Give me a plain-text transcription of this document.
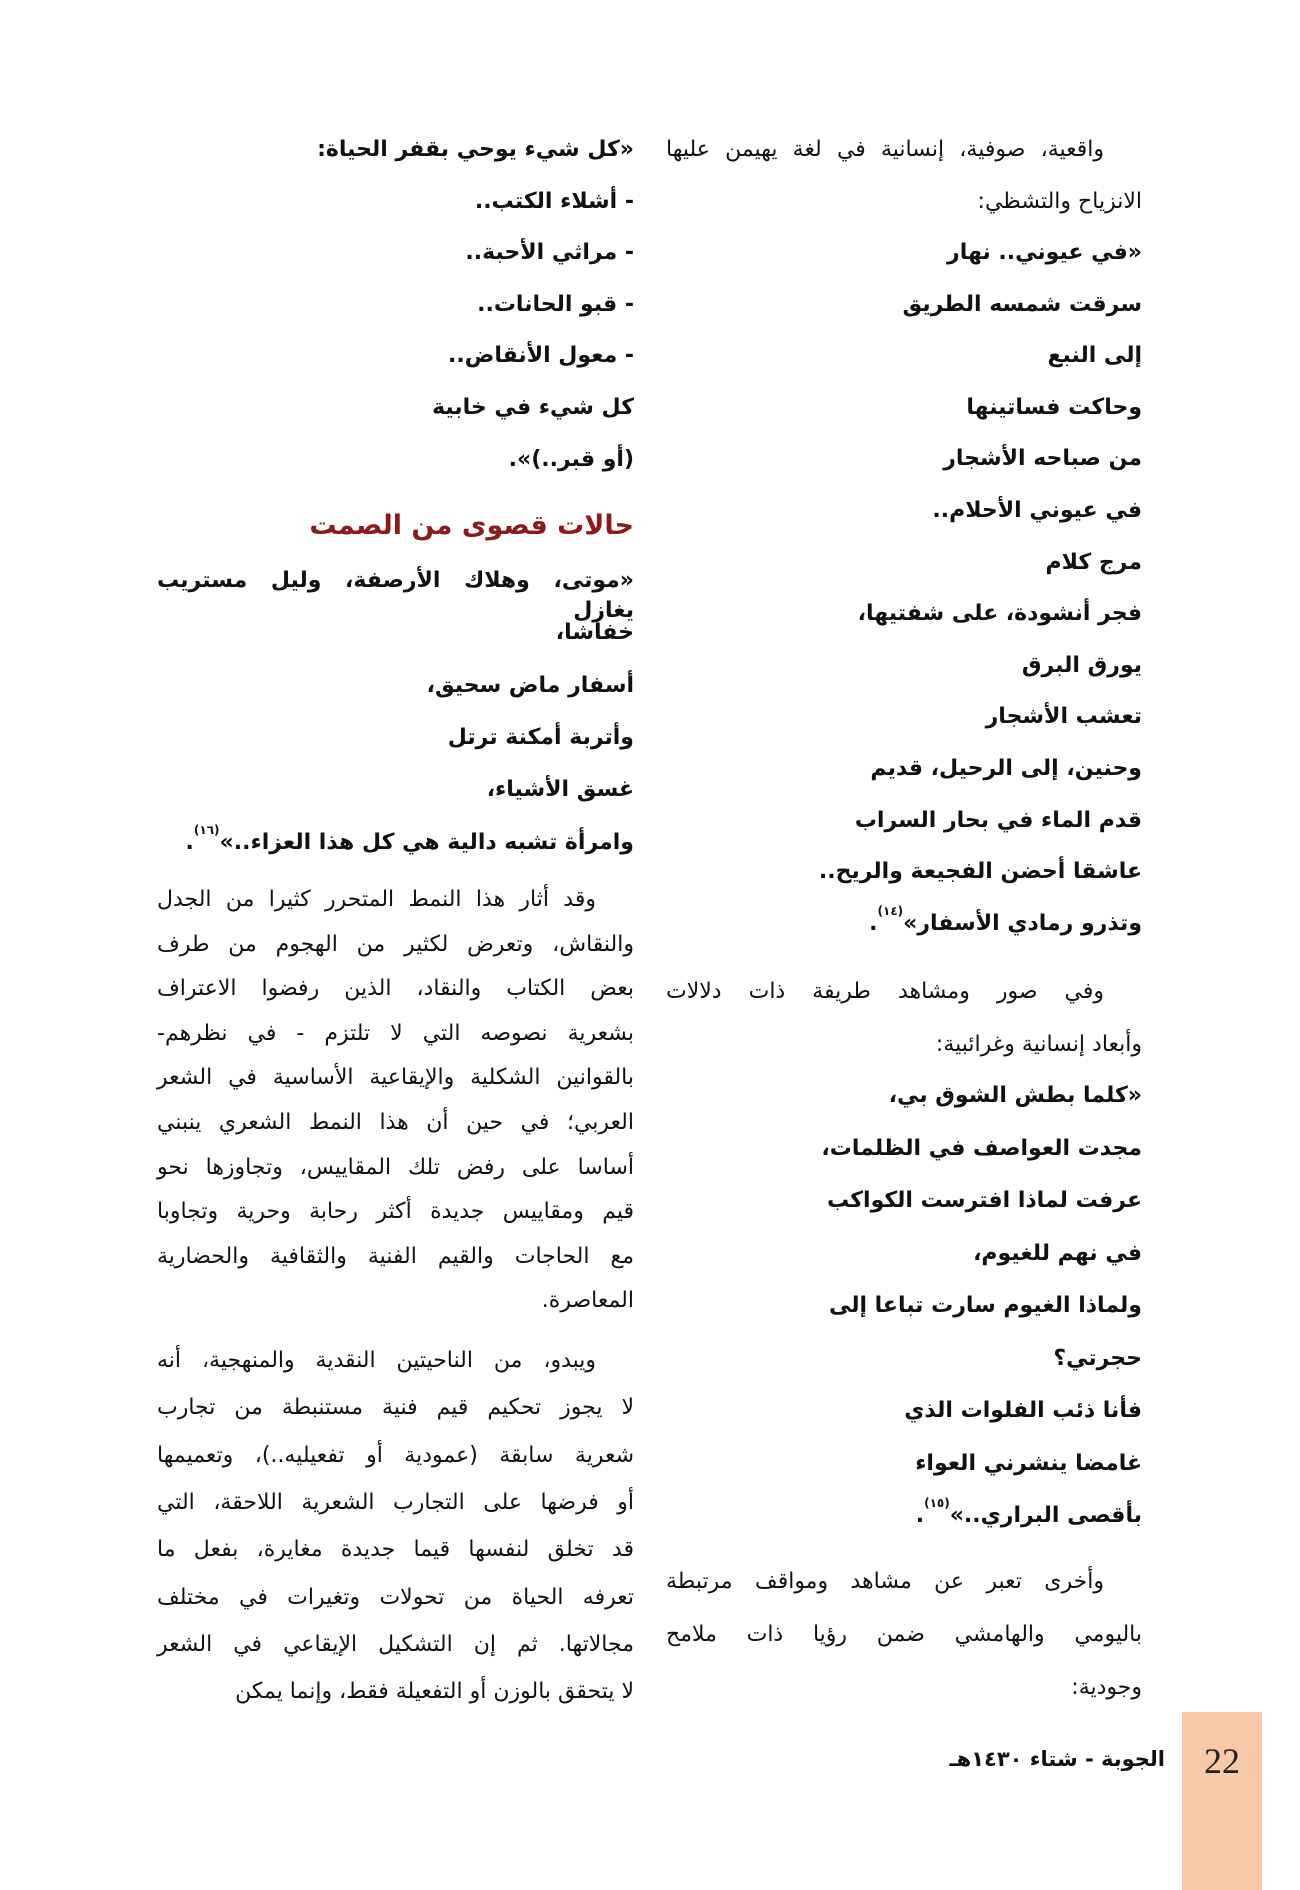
واقعية، صوفية، إنسانية في لغة يهيمن عليها
الانزياح والتشظي:
«في عيوني.. نهار
سرقت شمسه الطريق
إلى النبع
وحاكت فساتينها
من صباحه الأشجار
في عيوني الأحلام..
مرج كلام
فجر أنشودة، على شفتيها،
يورق البرق
تعشب الأشجار
وحنين، إلى الرحيل، قديم
قدم الماء في بحار السراب
عاشقا أحضن الفجيعة والريح..
وتذرو رمادي الأسفار»$^{(١٤)}$.
وفي صور ومشاهد طريفة ذات دلالات
وأبعاد إنسانية وغرائبية:
«كلما بطش الشوق بي،
مجدت العواصف في الظلمات،
عرفت لماذا افترست الكواكب
في نهم للغيوم،
ولماذا الغيوم سارت تباعا إلى
حجرتي؟
فأنا ذئب الفلوات الذي
غامضا ينشرني العواء
بأقصى البراري..»$^{(١٥)}$.
وأخرى تعبر عن مشاهد ومواقف مرتبطة
باليومي والهامشي ضمن رؤيا ذات ملامح
وجودية:
«كل شيء يوحي بقفر الحياة:
- أشلاء الكتب..
- مراثي الأحبة..
- قبو الحانات..
- معول الأنقاض..
كل شيء في خابية
(أو قبر..)».
حالات قصوى من الصمت
«موتى، وهلاك الأرصفة، وليل مستريب يغازل
خفاشا،
أسفار ماض سحيق،
وأتربة أمكنة ترتل
غسق الأشياء،
وامرأة تشبه دالية هي كل هذا العزاء..»$^{(١٦)}$.
وقد أثار هذا النمط المتحرر كثيرا من الجدل
والنقاش، وتعرض لكثير من الهجوم من طرف
بعض الكتاب والنقاد، الذين رفضوا الاعتراف
بشعرية نصوصه التي لا تلتزم - في نظرهم-
بالقوانين الشكلية والإيقاعية الأساسية في الشعر
العربي؛ في حين أن هذا النمط الشعري ينبني
أساسا على رفض تلك المقاييس، وتجاوزها نحو
قيم ومقاييس جديدة أكثر رحابة وحرية وتجاوبا
مع الحاجات والقيم الفنية والثقافية والحضارية
المعاصرة.
ويبدو، من الناحيتين النقدية والمنهجية، أنه
لا يجوز تحكيم قيم فنية مستنبطة من تجارب
شعرية سابقة (عمودية أو تفعيليه..)، وتعميمها
أو فرضها على التجارب الشعرية اللاحقة، التي
قد تخلق لنفسها قيما جديدة مغايرة، بفعل ما
تعرفه الحياة من تحولات وتغيرات في مختلف
مجالاتها. ثم إن التشكيل الإيقاعي في الشعر
لا يتحقق بالوزن أو التفعيلة فقط، وإنما يمكن
22
الجوبة - شتاء ١٤٣٠هـ
